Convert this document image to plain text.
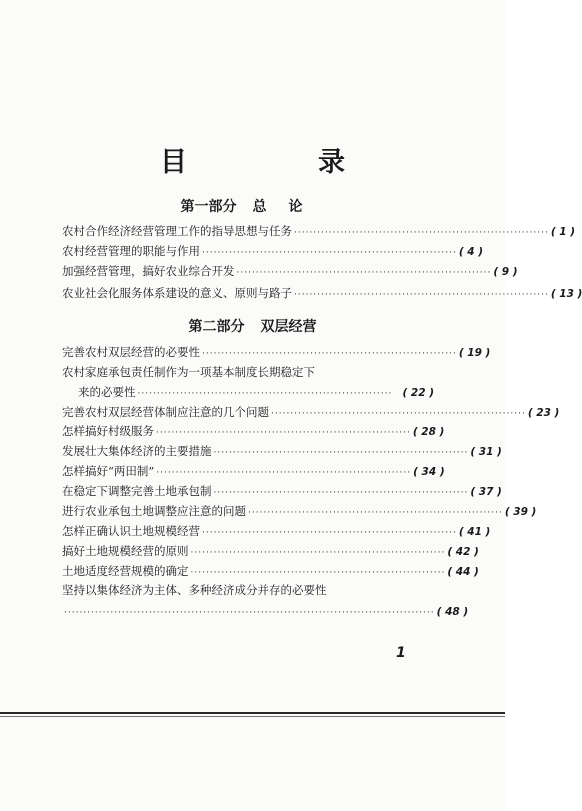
目　录
第一部分 总论
农村合作经济经营管理工作的指导思想与任务 ·································································· ( 1 )
农村经营管理的职能与作用 ·································································· ( 4 )
加强经营管理，搞好农业综合开发 ·································································· ( 9 )
农业社会化服务体系建设的意义、原则与路子 ·································································· ( 13 )
第二部分 双层经营
完善农村双层经营的必要性 ·································································· ( 19 )
农村家庭承包责任制作为一项基本制度长期稳定下
来的必要性 ·································································· ( 22 )
完善农村双层经营体制应注意的几个问题 ·································································· ( 23 )
怎样搞好村级服务 ·································································· ( 28 )
发展壮大集体经济的主要措施 ·································································· ( 31 )
怎样搞好“两田制” ·································································· ( 34 )
在稳定下调整完善土地承包制 ·································································· ( 37 )
进行农业承包土地调整应注意的问题 ·································································· ( 39 )
怎样正确认识土地规模经营 ·································································· ( 41 )
搞好土地规模经营的原则 ·································································· ( 42 )
土地适度经营规模的确定 ·································································· ( 44 )
坚持以集体经济为主体、多种经济成分并存的必要性
································································································ ( 48 )
1
